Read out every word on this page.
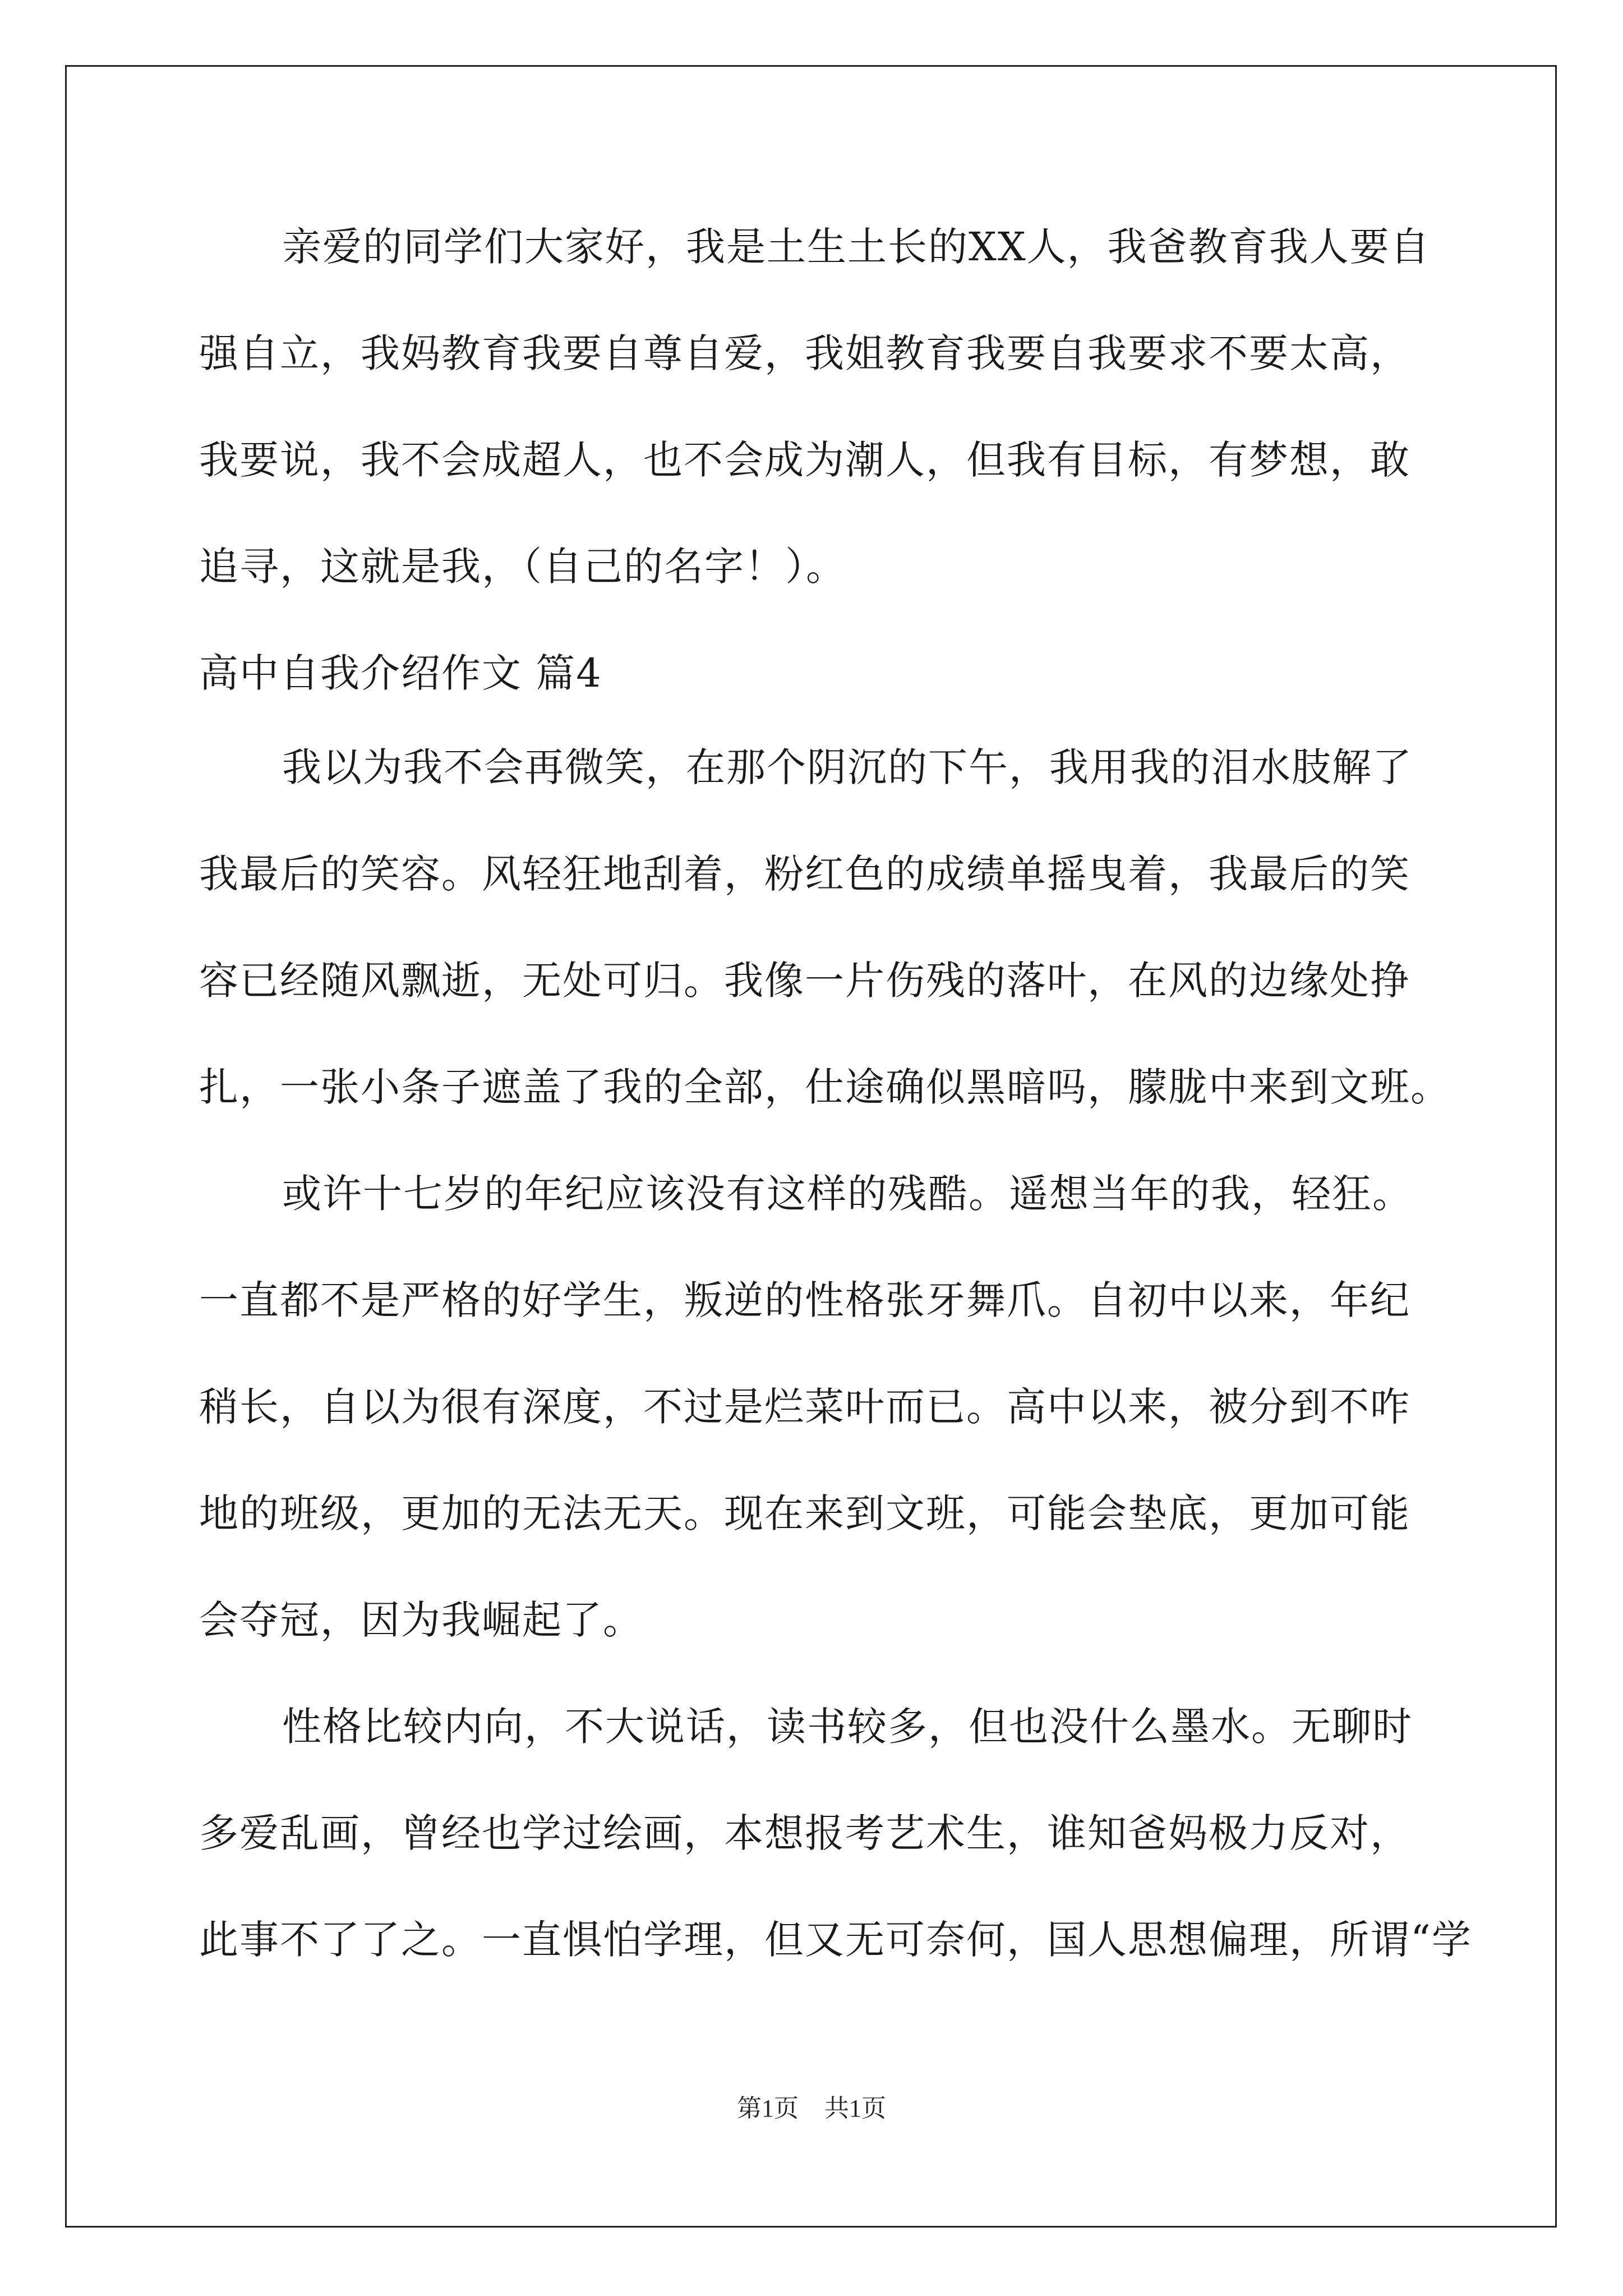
亲爱的同学们大家好，我是土生土长的XX人，我爸教育我人要自
强自立，我妈教育我要自尊自爱，我姐教育我要自我要求不要太高，
我要说，我不会成超人，也不会成为潮人，但我有目标，有梦想，敢
追寻，这就是我，（自己的名字！）。
高中自我介绍作文 篇4
我以为我不会再微笑，在那个阴沉的下午，我用我的泪水肢解了
我最后的笑容。风轻狂地刮着，粉红色的成绩单摇曳着，我最后的笑
容已经随风飘逝，无处可归。我像一片伤残的落叶，在风的边缘处挣
扎，一张小条子遮盖了我的全部，仕途确似黑暗吗，朦胧中来到文班。
或许十七岁的年纪应该没有这样的残酷。遥想当年的我，轻狂。
一直都不是严格的好学生，叛逆的性格张牙舞爪。自初中以来，年纪
稍长，自以为很有深度，不过是烂菜叶而已。高中以来，被分到不咋
地的班级，更加的无法无天。现在来到文班，可能会垫底，更加可能
会夺冠，因为我崛起了。
性格比较内向，不大说话，读书较多，但也没什么墨水。无聊时
多爱乱画，曾经也学过绘画，本想报考艺术生，谁知爸妈极力反对，
此事不了了之。一直惧怕学理，但又无可奈何，国人思想偏理，所谓“学
第1页 共1页
